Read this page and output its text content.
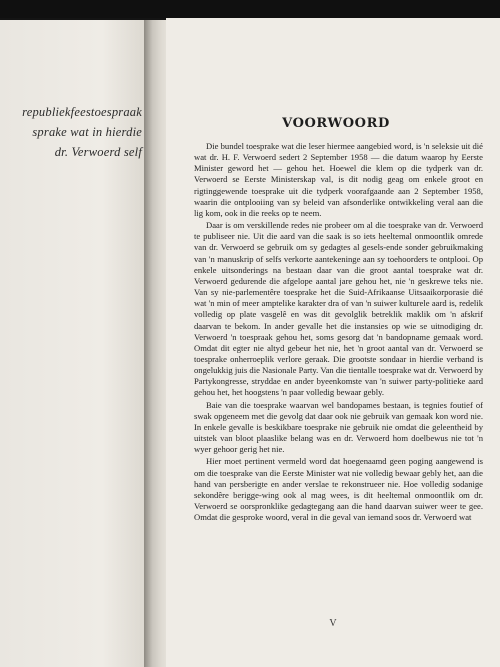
republiekfeestoespraak
sprake wat in hierdie
dr. Verwoerd self
VOORWOORD

Die bundel toesprake wat die leser hiermee aangebied word, is 'n seleksie uit dié wat dr. H. F. Verwoerd sedert 2 September 1958 — die datum waarop hy Eerste Minister geword het — gehou het. Hoewel die klem op die tydperk van dr. Verwoerd se Eerste Ministerskap val, is dit nodig geag om enkele groot en rigtinggewende toesprake uit die tydperk voorafgaande aan 2 September 1958, waarin die ontplooiing van sy beleid van afsonderlike ontwikkeling veral aan die lig kom, ook in die reeks op te neem.

Daar is om verskillende redes nie probeer om al die toesprake van dr. Verwoerd te publiseer nie. Uit die aard van die saak is so iets heeltemal onmoontlik omrede van dr. Verwoerd se gebruik om sy gedagtes al gesels-ende sonder gebruikmaking van 'n manuskrip of selfs verkorte aantekeninge aan sy toehoorders te ontplooi. Op enkele uitsonderings na bestaan daar van die groot aantal toesprake wat dr. Verwoerd gedurende die afgelope aantal jare gehou het, nie 'n geskrewe teks nie. Van sy nie-parlementêre toesprake het die Suid-Afrikaanse Uitsaaikorporasie dié wat 'n min of meer amptelike karakter dra of van 'n suiwer kulturele aard is, redelik volledig op plate vasgelê en was dit gevolglik betreklik maklik om 'n afskrif daarvan te bekom. In ander gevalle het die instansies op wie se uitnodiging dr. Verwoerd 'n toespraak gehou het, soms gesorg dat 'n bandopname gemaak word. Omdat dit egter nie altyd gebeur het nie, het 'n groot aantal van dr. Verwoerd se toesprake onherroeplik verlore geraak. Die grootste sondaar in hierdie verband is ongelukkig juis die Nasionale Party. Van die tientalle toesprake wat dr. Verwoerd by Partykongresse, stryddae en ander byeenkomste van 'n suiwer party-politieke aard gehou het, het hoogstens 'n paar volledig bewaar gebly.

Baie van die toesprake waarvan wel bandopames bestaan, is tegnies foutief of swak opgeneem met die gevolg dat daar ook nie gebruik van gemaak kon word nie. In enkele gevalle is beskikbare toesprake nie gebruik nie omdat die geleentheid by uitstek van bloot plaaslike belang was en dr. Verwoerd hom doelbewus nie tot 'n wyer gehoor gerig het nie.

Hier moet pertinent vermeld word dat hoegenaamd geen poging aangewend is om die toesprake van die Eerste Minister wat nie volledig bewaar gebly het, aan die hand van persberigte en ander verslae te rekonstrueer nie. Hoe volledig sodanige sekondêre berigge-wing ook al mag wees, is dit heeltemal onmoontlik om dr. Verwoerd se oorspronklike gedagtegang aan die hand daarvan suiwer weer te gee. Omdat die gesproke woord, veral in die geval van iemand soos dr. Verwoerd wat

V
